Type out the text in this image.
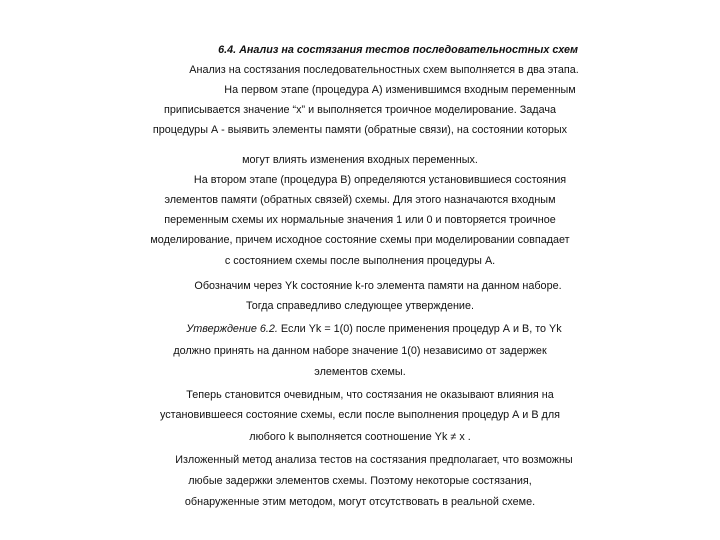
6.4. Анализ на состязания тестов последовательностных схем
Анализ на состязания последовательностных схем выполняется в два этапа.
На первом этапе (процедура А) изменившимся входным переменным
приписывается значение “x” и выполняется троичное моделирование. Задача
процедуры А - выявить элементы памяти (обратные связи), на состоянии которых
могут влиять изменения входных переменных.
На втором этапе (процедура В) определяются установившиеся состояния
элементов памяти (обратных связей) схемы. Для этого назначаются входным
переменным схемы их нормальные значения 1 или 0 и повторяется троичное
моделирование, причем исходное состояние схемы при моделировании совпадает
с состоянием схемы после выполнения процедуры А.
Обозначим через Yk состояние k-го элемента памяти на данном наборе.
Тогда справедливо следующее утверждение.
Утверждение 6.2. Если Yk = 1(0) после применения процедур А и В, то Yk
должно принять на данном наборе значение 1(0) независимо от задержек
элементов схемы.
Теперь становится очевидным, что состязания не оказывают влияния на
установившееся состояние схемы, если после выполнения процедур А и В для
любого k выполняется соотношение Yk ≠ x .
Изложенный метод анализа тестов на состязания предполагает, что возможны
любые задержки элементов схемы. Поэтому некоторые состязания,
обнаруженные этим методом, могут отсутствовать в реальной схеме.
